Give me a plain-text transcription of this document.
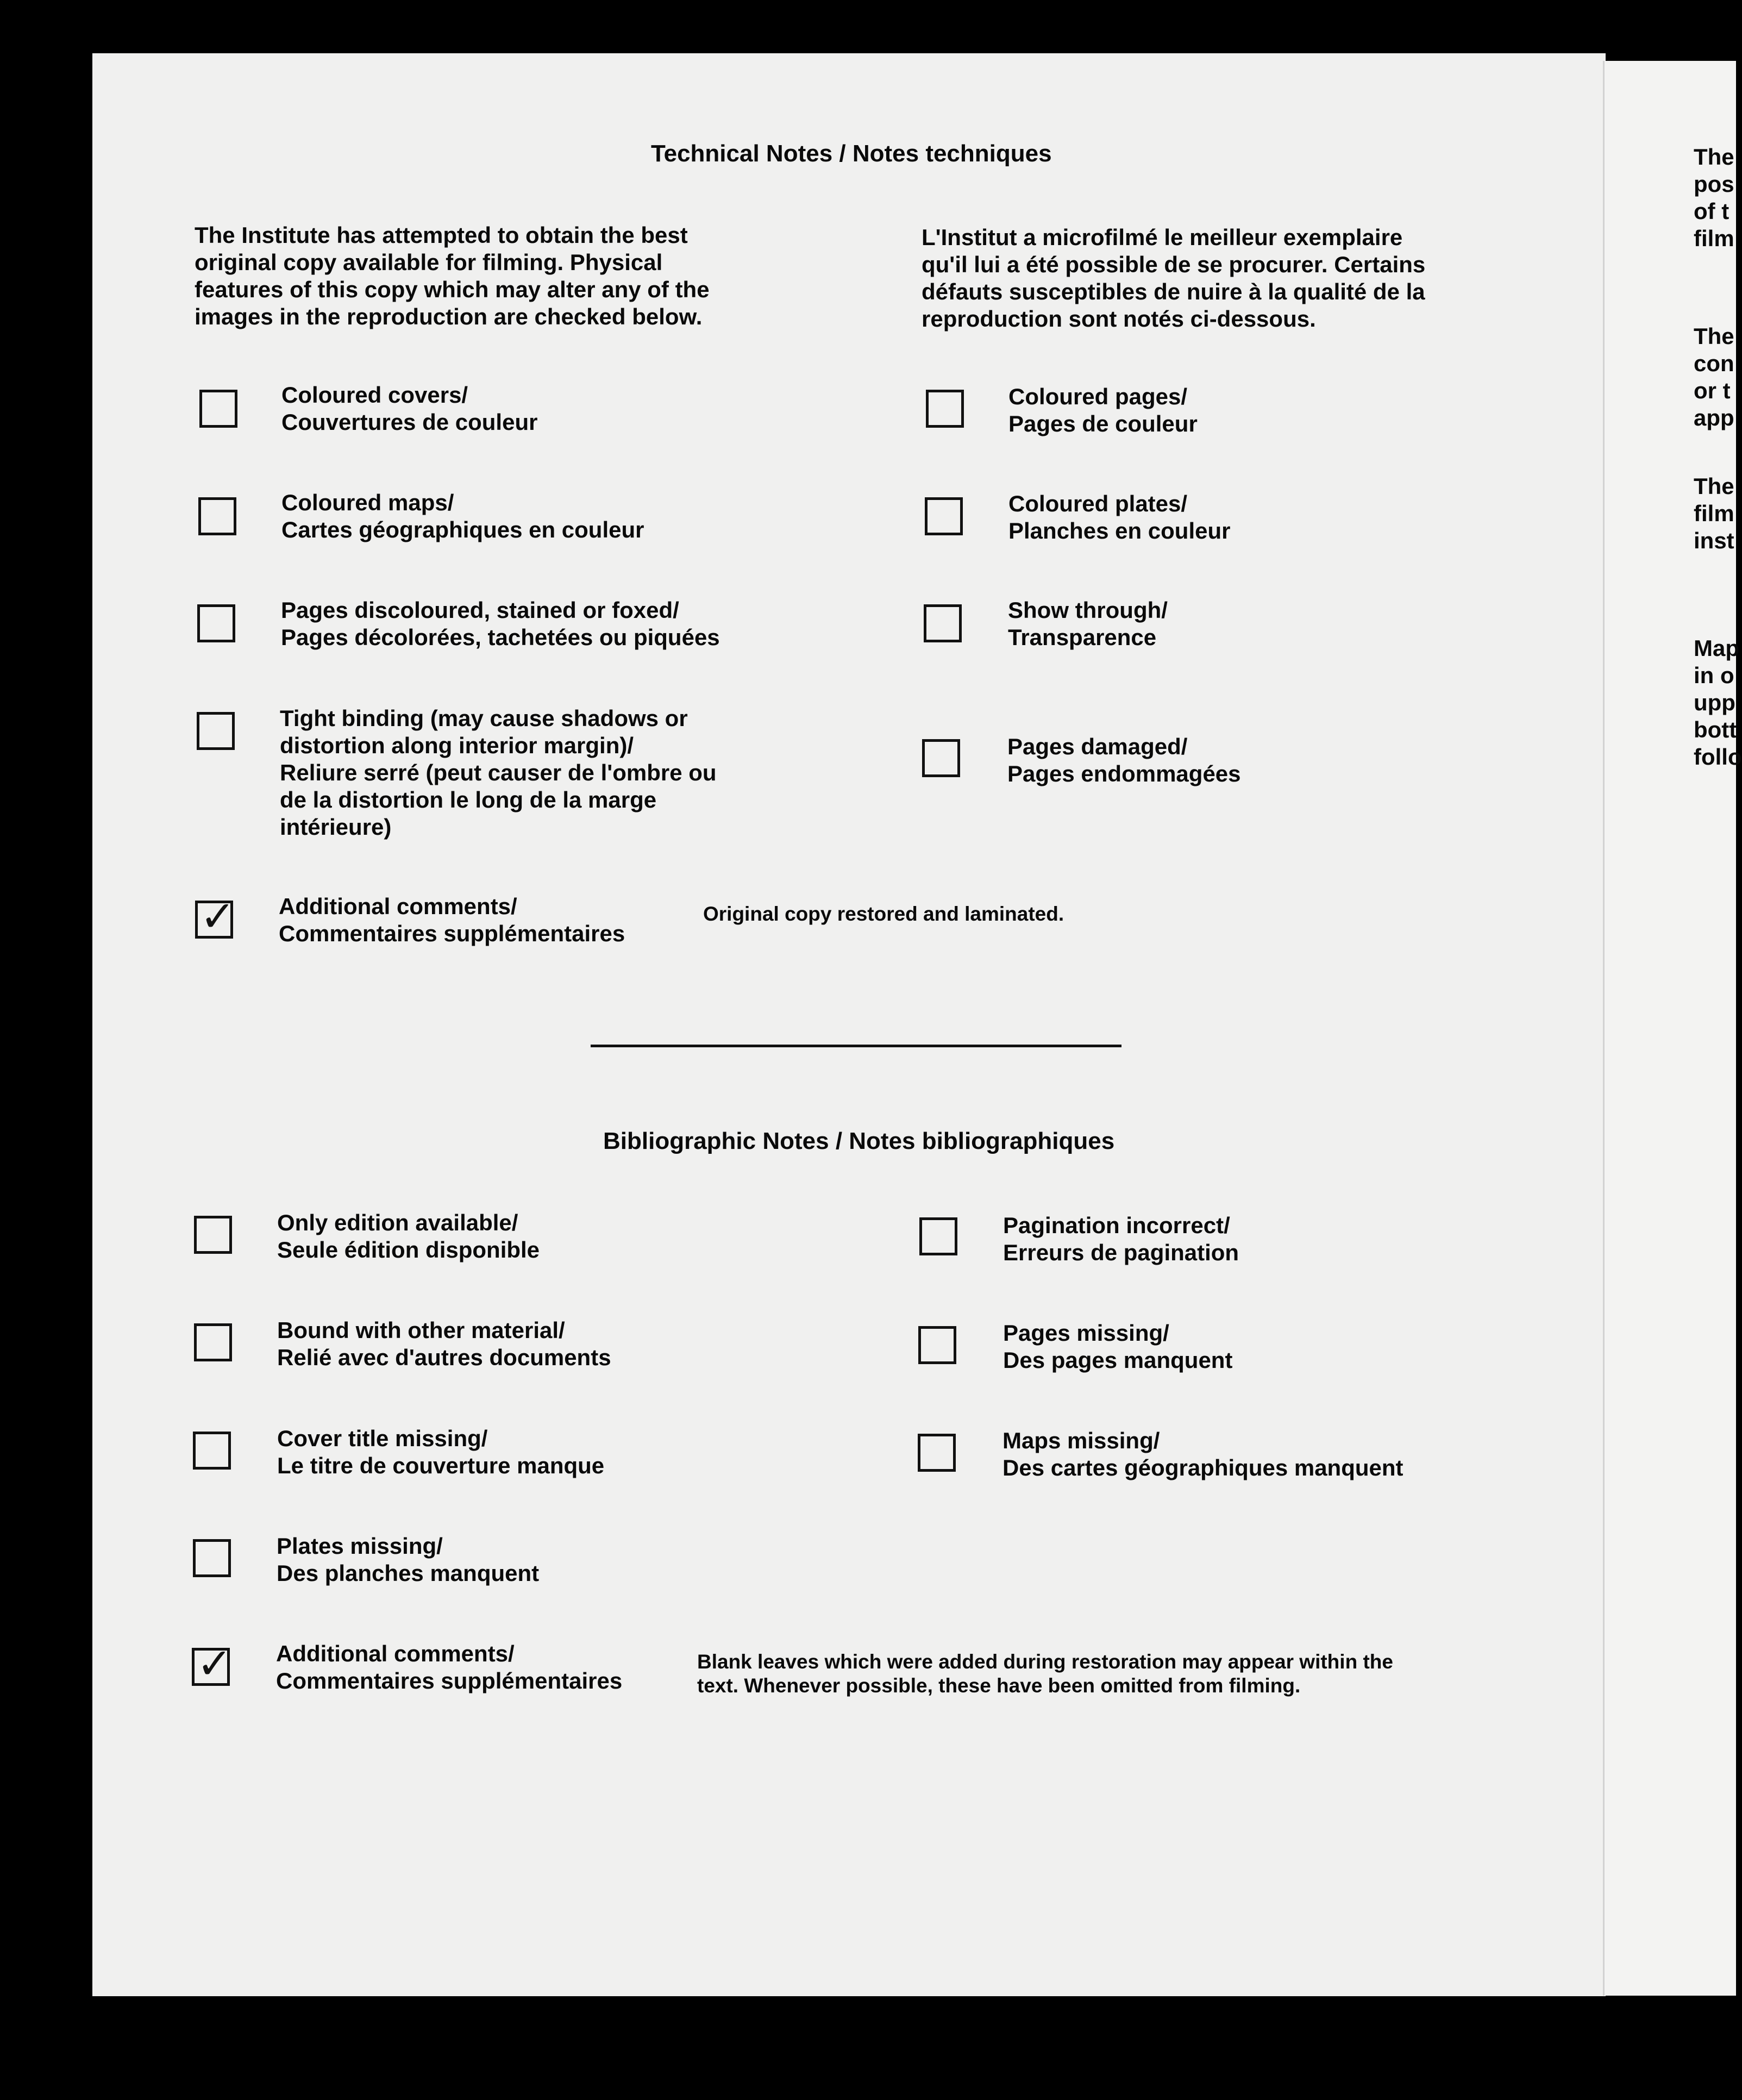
Technical Notes / Notes techniques
The Institute has attempted to obtain the best
original copy available for filming. Physical
features of this copy which may alter any of the
images in the reproduction are checked below.
L'Institut a microfilmé le meilleur exemplaire
qu'il lui a été possible de se procurer. Certains
défauts susceptibles de nuire à la qualité de la
reproduction sont notés ci-dessous.
Coloured covers/
Couvertures de couleur
Coloured pages/
Pages de couleur
Coloured maps/
Cartes géographiques en couleur
Coloured plates/
Planches en couleur
Pages discoloured, stained or foxed/
Pages décolorées, tachetées ou piquées
Show through/
Transparence
Tight binding (may cause shadows or
distortion along interior margin)/
Reliure serré (peut causer de l'ombre ou
de la distortion le long de la marge
intérieure)
Pages damaged/
Pages endommagées
✓
Additional comments/
Commentaires supplémentaires
Original copy restored and laminated.
Bibliographic Notes / Notes bibliographiques
Only edition available/
Seule édition disponible
Pagination incorrect/
Erreurs de pagination
Bound with other material/
Relié avec d'autres documents
Pages missing/
Des pages manquent
Cover title missing/
Le titre de couverture manque
Maps missing/
Des cartes géographiques manquent
Plates missing/
Des planches manquent
✓
Additional comments/
Commentaires supplémentaires
Blank leaves which were added during restoration may appear within the
text. Whenever possible, these have been omitted from filming.
The
pos
of t
film
The
con
or t
app
The
film
inst
Map
in o
upp
bott
follo
